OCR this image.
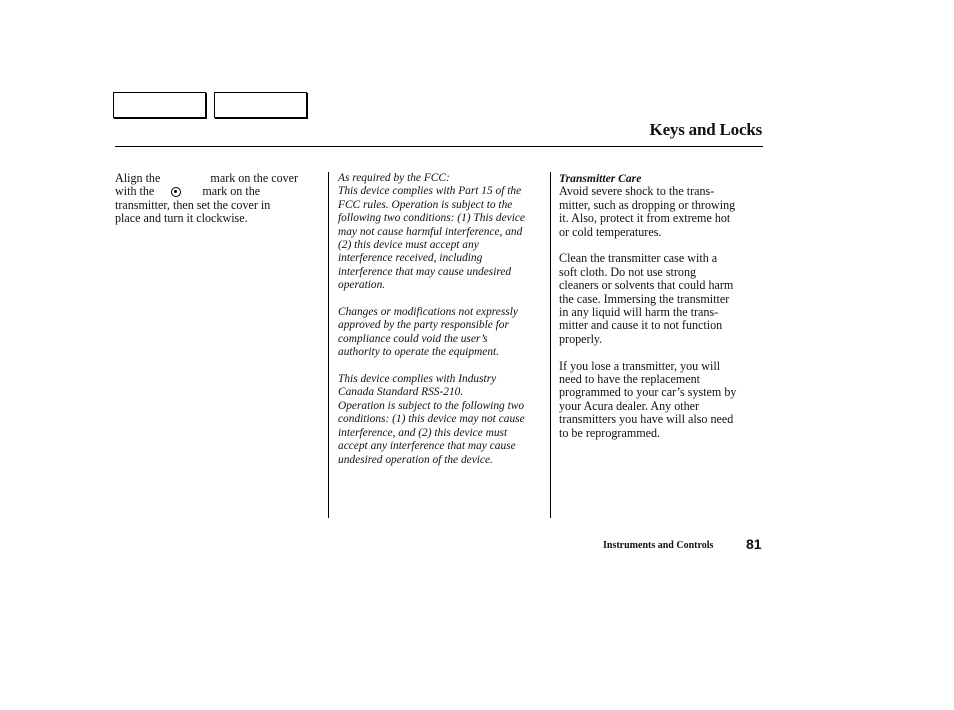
Keys and Locks
Align the	mark on the cover
with the	mark on the
transmitter, then set the cover in
place and turn it clockwise.
As required by the FCC:
This device complies with Part 15 of the
FCC rules. Operation is subject to the
following two conditions: (1) This device
may not cause harmful interference, and
(2) this device must accept any
interference received, including
interference that may cause undesired
operation.
Changes or modifications not expressly
approved by the party responsible for
compliance could void the user’s
authority to operate the equipment.
This device complies with Industry
Canada Standard RSS-210.
Operation is subject to the following two
conditions: (1) this device may not cause
interference, and (2) this device must
accept any interference that may cause
undesired operation of the device.
Transmitter Care
Avoid severe shock to the trans-
mitter, such as dropping or throwing
it. Also, protect it from extreme hot
or cold temperatures.
Clean the transmitter case with a
soft cloth. Do not use strong
cleaners or solvents that could harm
the case. Immersing the transmitter
in any liquid will harm the trans-
mitter and cause it to not function
properly.
If you lose a transmitter, you will
need to have the replacement
programmed to your car’s system by
your Acura dealer. Any other
transmitters you have will also need
to be reprogrammed.
Instruments and Controls 81
